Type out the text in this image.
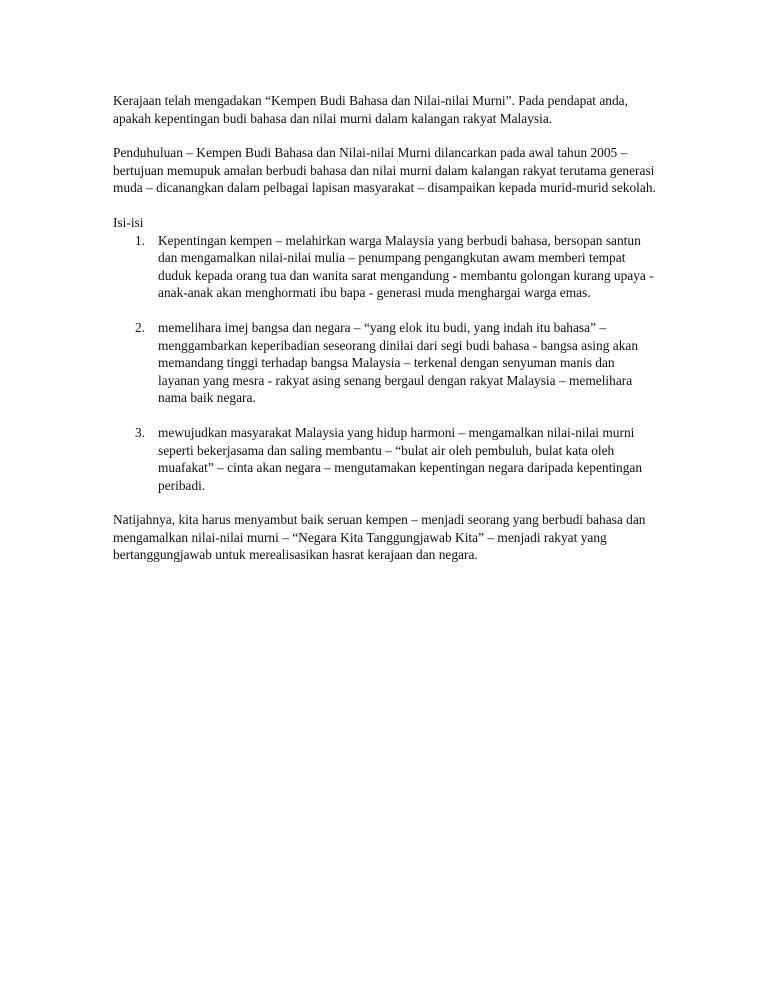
Kerajaan telah mengadakan “Kempen Budi Bahasa dan Nilai-nilai Murni”. Pada pendapat anda, apakah kepentingan budi bahasa dan nilai murni dalam kalangan rakyat Malaysia.

Penduhuluan – Kempen Budi Bahasa dan Nilai-nilai Murni dilancarkan pada awal tahun 2005 – bertujuan memupuk amalan berbudi bahasa dan nilai murni dalam kalangan rakyat terutama generasi muda – dicanangkan dalam pelbagai lapisan masyarakat – disampaikan kepada murid-murid sekolah.

Isi-isi

1. Kepentingan kempen – melahirkan warga Malaysia yang berbudi bahasa, bersopan santun dan mengamalkan nilai-nilai mulia – penumpang pengangkutan awam memberi tempat duduk kepada orang tua dan wanita sarat mengandung - membantu golongan kurang upaya - anak-anak akan menghormati ibu bapa - generasi muda menghargai warga emas.
2. memelihara imej bangsa dan negara – “yang elok itu budi, yang indah itu bahasa” – menggambarkan keperibadian seseorang dinilai dari segi budi bahasa - bangsa asing akan memandang tinggi terhadap bangsa Malaysia – terkenal dengan senyuman manis dan layanan yang mesra - rakyat asing senang bergaul dengan rakyat Malaysia – memelihara nama baik negara.
3. mewujudkan masyarakat Malaysia yang hidup harmoni – mengamalkan nilai-nilai murni seperti bekerjasama dan saling membantu – “bulat air oleh pembuluh, bulat kata oleh muafakat” – cinta akan negara – mengutamakan kepentingan negara daripada kepentingan peribadi.

Natijahnya, kita harus menyambut baik seruan kempen – menjadi seorang yang berbudi bahasa dan mengamalkan nilai-nilai murni – “Negara Kita Tanggungjawab Kita” – menjadi rakyat yang bertanggungjawab untuk merealisasikan hasrat kerajaan dan negara.
